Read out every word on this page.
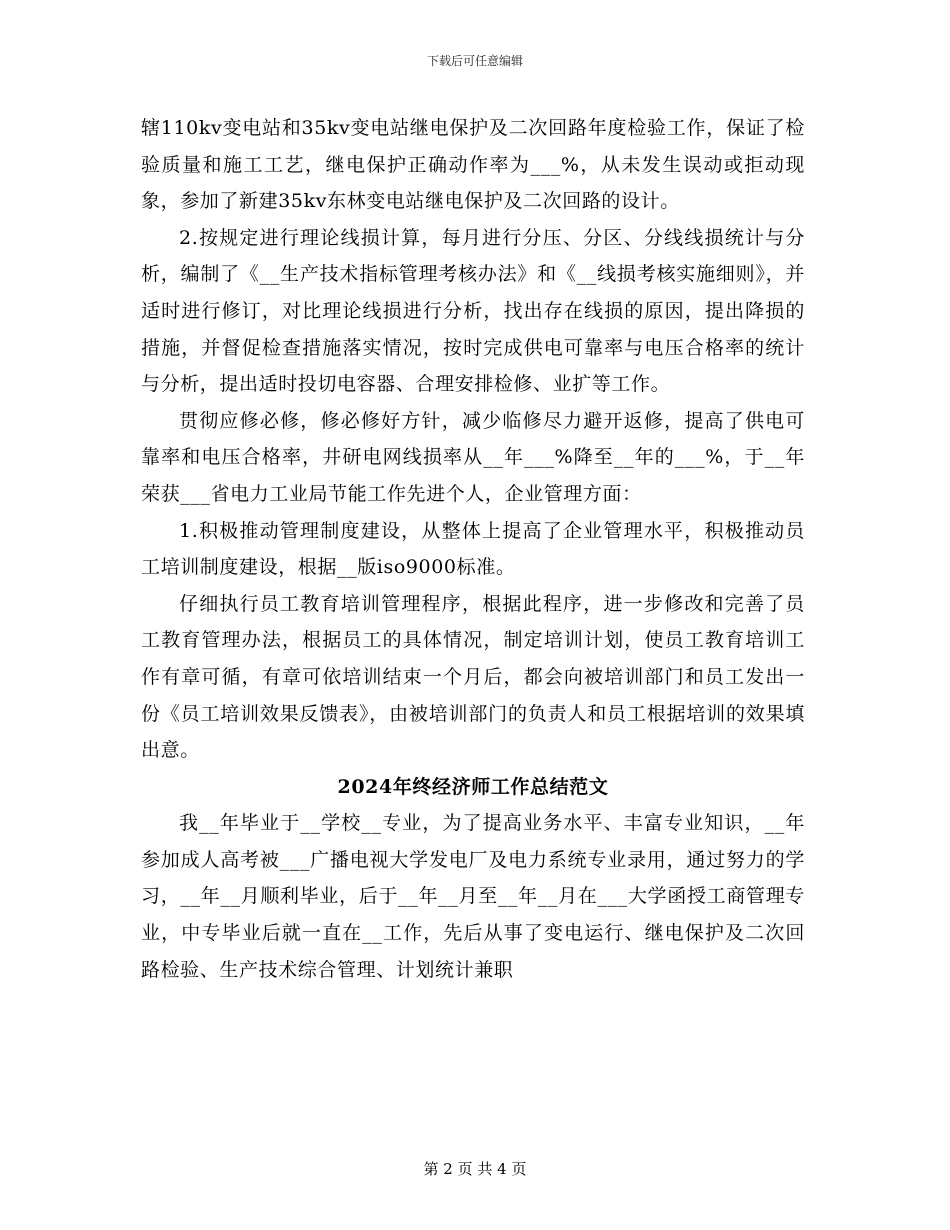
下载后可任意编辑

辖110kv变电站和35kv变电站继电保护及二次回路年度检验工作，保证了检验质量和施工工艺，继电保护正确动作率为___%，从未发生误动或拒动现象，参加了新建35kv东林变电站继电保护及二次回路的设计。

2.按规定进行理论线损计算，每月进行分压、分区、分线线损统计与分析，编制了《__生产技术指标管理考核办法》和《__线损考核实施细则》，并适时进行修订，对比理论线损进行分析，找出存在线损的原因，提出降损的措施，并督促检查措施落实情况，按时完成供电可靠率与电压合格率的统计与分析，提出适时投切电容器、合理安排检修、业扩等工作。

贯彻应修必修，修必修好方针，减少临修尽力避开返修，提高了供电可靠率和电压合格率，井研电网线损率从__年___%降至__年的___%，于__年荣获___省电力工业局节能工作先进个人，企业管理方面：

1.积极推动管理制度建设，从整体上提高了企业管理水平，积极推动员工培训制度建设，根据__版iso9000标准。

仔细执行员工教育培训管理程序，根据此程序，进一步修改和完善了员工教育管理办法，根据员工的具体情况，制定培训计划，使员工教育培训工作有章可循，有章可依培训结束一个月后，都会向被培训部门和员工发出一份《员工培训效果反馈表》，由被培训部门的负责人和员工根据培训的效果填出意。

2024年终经济师工作总结范文

我__年毕业于__学校__专业，为了提高业务水平、丰富专业知识，__年参加成人高考被___广播电视大学发电厂及电力系统专业录用，通过努力的学习，__年__月顺利毕业，后于__年__月至__年__月在___大学函授工商管理专业，中专毕业后就一直在__工作，先后从事了变电运行、继电保护及二次回路检验、生产技术综合管理、计划统计兼职

第 2 页 共 4 页
